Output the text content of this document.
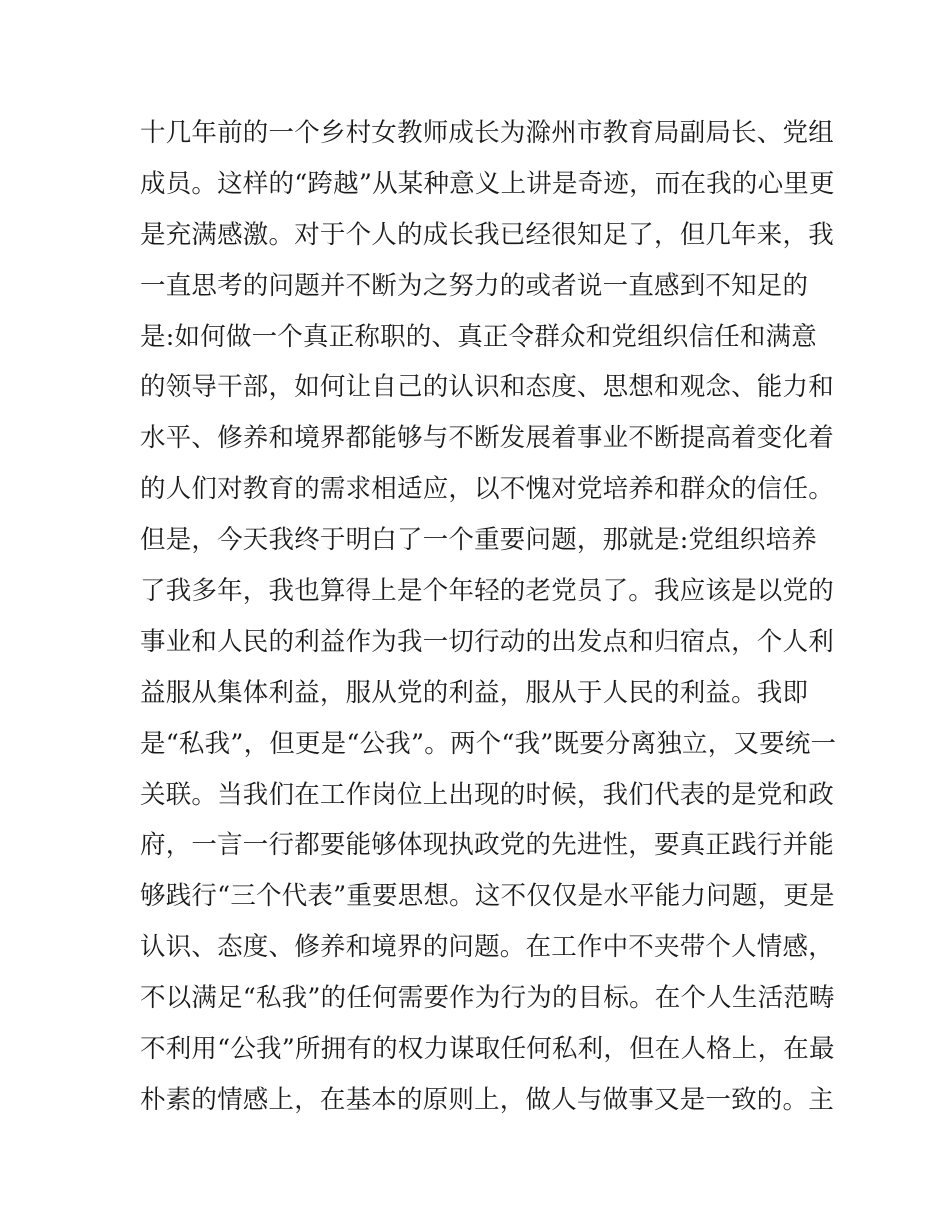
十几年前的一个乡村女教师成长为滁州市教育局副局长、党组
成员。这样的“跨越”从某种意义上讲是奇迹，而在我的心里更
是充满感激。对于个人的成长我已经很知足了，但几年来，我
一直思考的问题并不断为之努力的或者说一直感到不知足的
是:如何做一个真正称职的、真正令群众和党组织信任和满意
的领导干部，如何让自己的认识和态度、思想和观念、能力和
水平、修养和境界都能够与不断发展着事业不断提高着变化着
的人们对教育的需求相适应，以不愧对党培养和群众的信任。
但是，今天我终于明白了一个重要问题，那就是:党组织培养
了我多年，我也算得上是个年轻的老党员了。我应该是以党的
事业和人民的利益作为我一切行动的出发点和归宿点，个人利
益服从集体利益，服从党的利益，服从于人民的利益。我即
是“私我”，但更是“公我”。两个“我”既要分离独立，又要统一
关联。当我们在工作岗位上出现的时候，我们代表的是党和政
府，一言一行都要能够体现执政党的先进性，要真正践行并能
够践行“三个代表”重要思想。这不仅仅是水平能力问题，更是
认识、态度、修养和境界的问题。在工作中不夹带个人情感，
不以满足“私我”的任何需要作为行为的目标。在个人生活范畴
不利用“公我”所拥有的权力谋取任何私利，但在人格上，在最
朴素的情感上，在基本的原则上，做人与做事又是一致的。主
